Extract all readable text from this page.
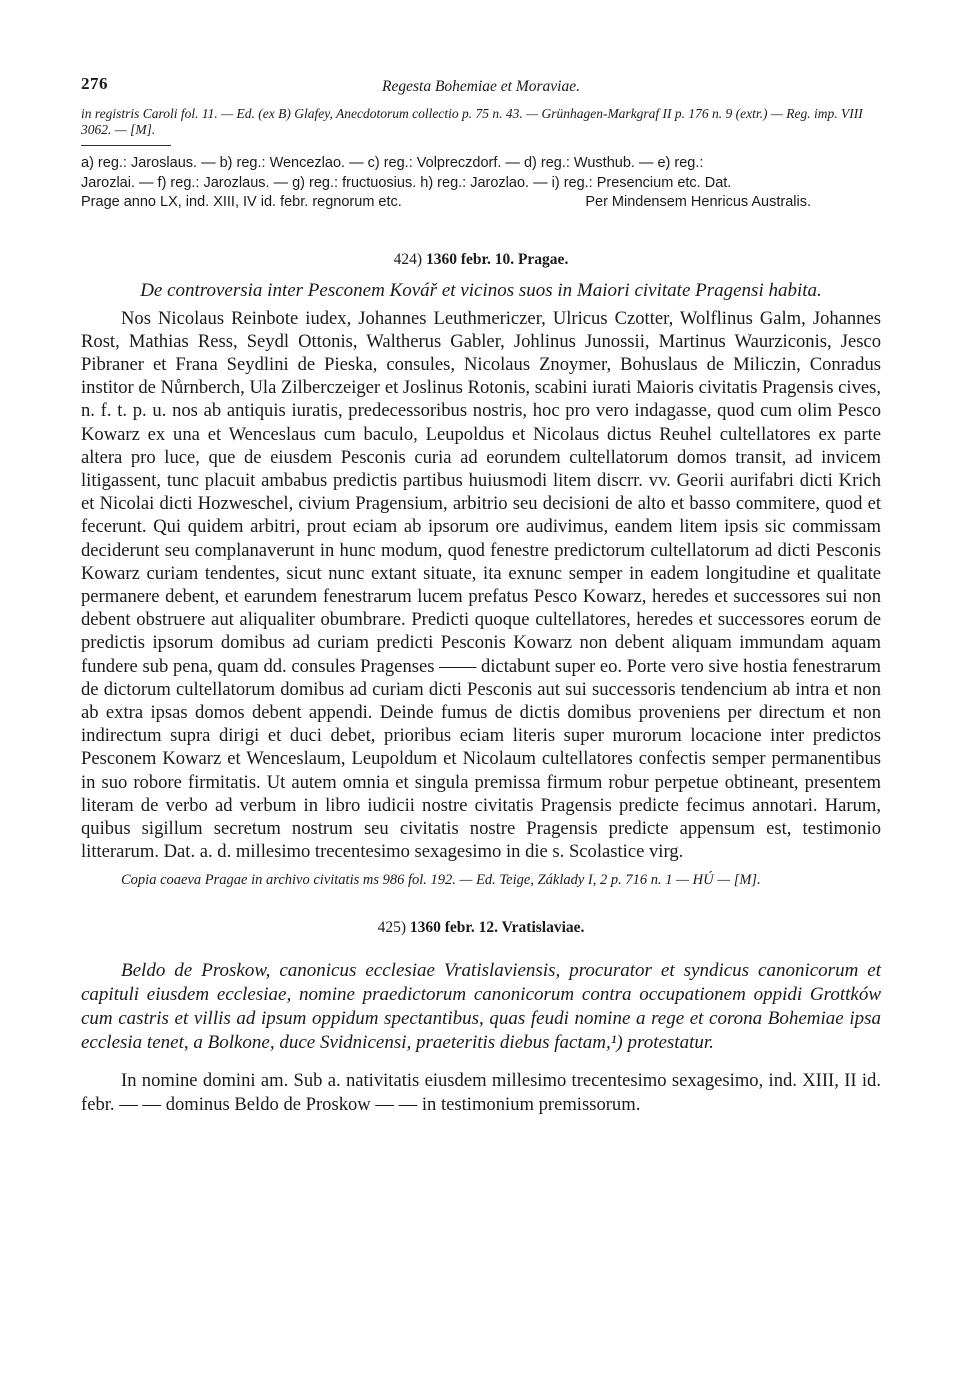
276	Regesta Bohemiae et Moraviae.

in registris Caroli fol. 11. — Ed. (ex B) Glafey, Anecdotorum collectio p. 75 n. 43. — Grünhagen-Markgraf II p. 176 n. 9 (extr.) — Reg. imp. VIII 3062. — [M].

a) reg.: Jaroslaus. — b) reg.: Wencezlao. — c) reg.: Volpreczdorf. — d) reg.: Wusthub. — e) reg.:
Jarozlai. — f) reg.: Jarozlaus. — g) reg.: fructuosius. h) reg.: Jarozlao. — i) reg.: Presencium etc. Dat.
Prage anno LX, ind. XIII, IV id. febr. regnorum etc.	Per Mindensem Henricus Australis.

424) 1360 febr. 10. Pragae.

De controversia inter Pesconem Kovář et vicinos suos in Maiori civitate Pragensi habita.

Nos Nicolaus Reinbote iudex, Johannes Leuthmericzer, Ulricus Czotter, Wolflinus Galm, Johannes Rost, Mathias Ress, Seydl Ottonis, Waltherus Gabler, Johlinus Junossii, Martinus Waurziconis, Jesco Pibraner et Frana Seydlini de Pieska, consules, Nicolaus Znoymer, Bohuslaus de Miliczin, Conradus institor de Nůrnberch, Ula Zilberczeiger et Joslinus Rotonis, scabini iurati Maioris civitatis Pragensis cives, n. f. t. p. u. nos ab antiquis iuratis, predecessoribus nostris, hoc pro vero indagasse, quod cum olim Pesco Kowarz ex una et Wenceslaus cum baculo, Leupoldus et Nicolaus dictus Reuhel cultellatores ex parte altera pro luce, que de eiusdem Pesconis curia ad eorundem cultellatorum domos transit, ad invicem litigassent, tunc placuit ambabus predictis partibus huiusmodi litem discrr. vv. Georii aurifabri dicti Krich et Nicolai dicti Hozweschel, civium Pragensium, arbitrio seu decisioni de alto et basso commitere, quod et fecerunt. Qui quidem arbitri, prout eciam ab ipsorum ore audivimus, eandem litem ipsis sic commissam deciderunt seu complanaverunt in hunc modum, quod fenestre predictorum cultellatorum ad dicti Pesconis Kowarz curiam tendentes, sicut nunc extant situate, ita exnunc semper in eadem longitudine et qualitate permanere debent, et earundem fenestrarum lucem prefatus Pesco Kowarz, heredes et successores sui non debent obstruere aut aliqualiter obumbrare. Predicti quoque cultellatores, heredes et successores eorum de predictis ipsorum domibus ad curiam predicti Pesconis Kowarz non debent aliquam immundam aquam fundere sub pena, quam dd. consules Pragenses —— dictabunt super eo. Porte vero sive hostia fenestrarum de dictorum cultellatorum domibus ad curiam dicti Pesconis aut sui successoris tendencium ab intra et non ab extra ipsas domos debent appendi. Deinde fumus de dictis domibus proveniens per directum et non indirectum supra dirigi et duci debet, prioribus eciam literis super murorum locacione inter predictos Pesconem Kowarz et Wenceslaum, Leupoldum et Nicolaum cultellatores confectis semper permanentibus in suo robore firmitatis. Ut autem omnia et singula premissa firmum robur perpetue obtineant, presentem literam de verbo ad verbum in libro iudicii nostre civitatis Pragensis predicte fecimus annotari. Harum, quibus sigillum secretum nostrum seu civitatis nostre Pragensis predicte appensum est, testimonio litterarum. Dat. a. d. millesimo trecentesimo sexagesimo in die s. Scolastice virg.

Copia coaeva Pragae in archivo civitatis ms 986 fol. 192. — Ed. Teige, Základy I, 2 p. 716 n. 1 — HÚ — [M].

425) 1360 febr. 12. Vratislaviae.

Beldo de Proskow, canonicus ecclesiae Vratislaviensis, procurator et syndicus canonicorum et capituli eiusdem ecclesiae, nomine praedictorum canonicorum contra occupationem oppidi Grottków cum castris et villis ad ipsum oppidum spectantibus, quas feudi nomine a rege et corona Bohemiae ipsa ecclesia tenet, a Bolkone, duce Svidnicensi, praeteritis diebus factam,¹) protestatur.

In nomine domini am. Sub a. nativitatis eiusdem millesimo trecentesimo sexagesimo, ind. XIII, II id. febr. — — dominus Beldo de Proskow — — in testimonium premissorum.
